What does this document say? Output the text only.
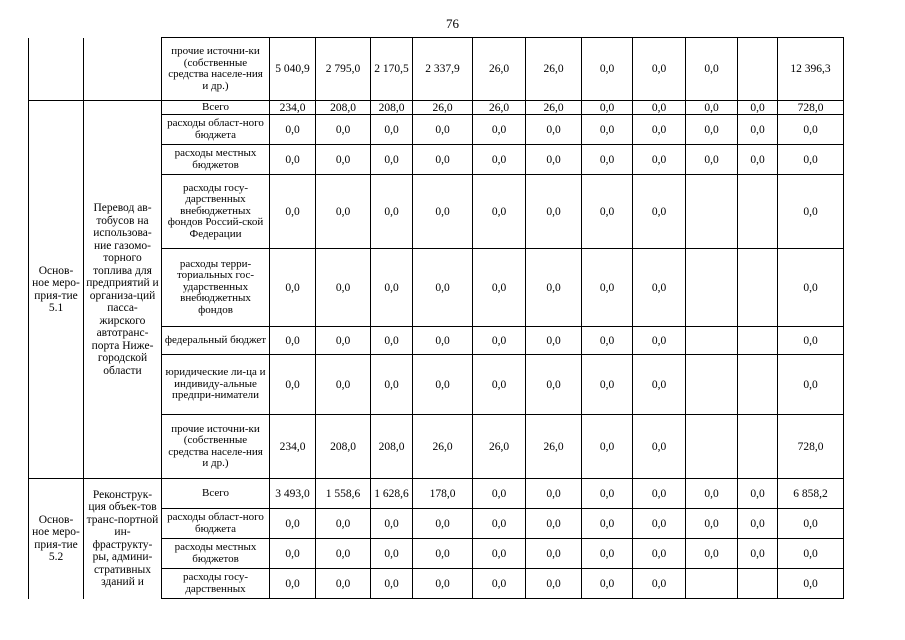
76
		прочие источни-ки (собственные средства населе-ния и др.)	5 040,9	2 795,0	2 170,5	2 337,9	26,0	26,0	0,0	0,0	0,0		12 396,3
Основ-ное меро-прия-тие 5.1	Перевод ав-тобусов на использова-ние газомо-торного топлива для предприятий и организа-ций пасса-жирского автотранс-порта Ниже-городской области	Всего	234,0	208,0	208,0	26,0	26,0	26,0	0,0	0,0	0,0	0,0	728,0
		расходы област-ного бюджета	0,0	0,0	0,0	0,0	0,0	0,0	0,0	0,0	0,0	0,0	0,0
		расходы местных бюджетов	0,0	0,0	0,0	0,0	0,0	0,0	0,0	0,0	0,0	0,0	0,0
		расходы госу-дарственных внебюджетных фондов Россий-ской Федерации	0,0	0,0	0,0	0,0	0,0	0,0	0,0	0,0			0,0
		расходы терри-ториальных гос-ударственных внебюджетных фондов	0,0	0,0	0,0	0,0	0,0	0,0	0,0	0,0			0,0
		федеральный бюджет	0,0	0,0	0,0	0,0	0,0	0,0	0,0	0,0			0,0
		юридические ли-ца и индивиду-альные предпри-ниматели	0,0	0,0	0,0	0,0	0,0	0,0	0,0	0,0			0,0
		прочие источни-ки (собственные средства населе-ния и др.)	234,0	208,0	208,0	26,0	26,0	26,0	0,0	0,0			728,0
Основ-ное меро-прия-тие 5.2	Реконструк-ция объек-тов транс-портной ин-фраструкту-ры, админи-стративных зданий и	Всего	3 493,0	1 558,6	1 628,6	178,0	0,0	0,0	0,0	0,0	0,0	0,0	6 858,2
		расходы област-ного бюджета	0,0	0,0	0,0	0,0	0,0	0,0	0,0	0,0	0,0	0,0	0,0
		расходы местных бюджетов	0,0	0,0	0,0	0,0	0,0	0,0	0,0	0,0	0,0	0,0	0,0
		расходы госу-дарственных	0,0	0,0	0,0	0,0	0,0	0,0	0,0	0,0			0,0
